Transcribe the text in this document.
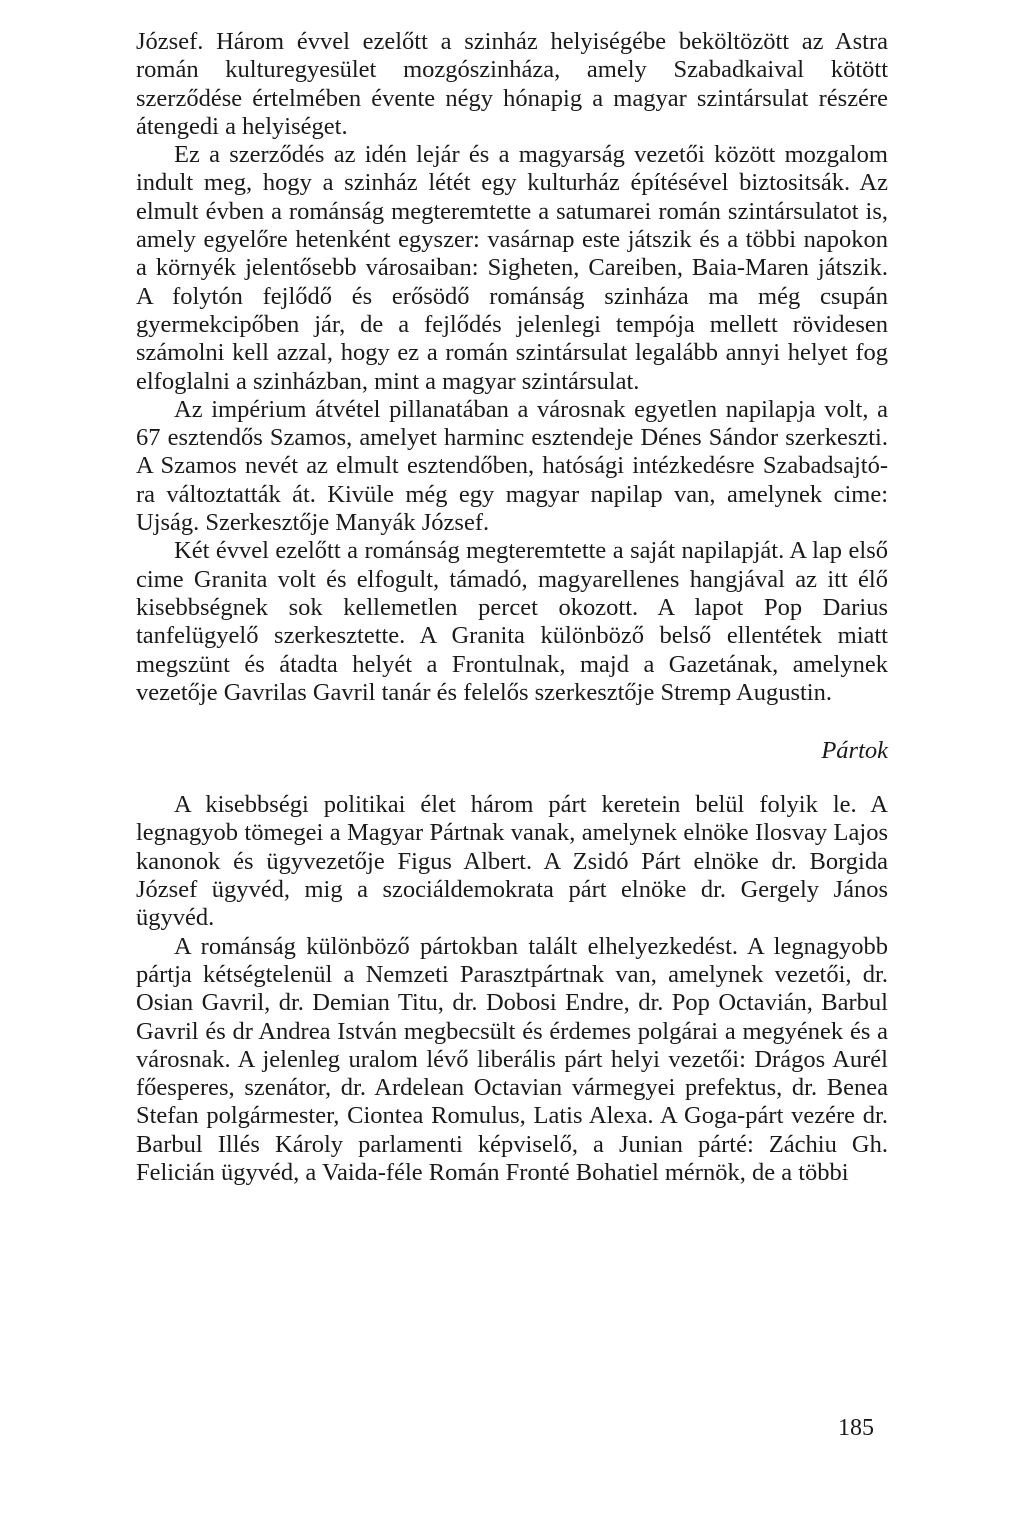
József. Három évvel ezelőtt a szinház helyiségébe beköltözött az Astra román kulturegyesület mozgószinháza, amely Szabadkaival kötött szerződése értelmében évente négy hónapig a magyar szintársulat részére átengedi a helyiséget.

Ez a szerződés az idén lejár és a magyarság vezetői között mozgalom indult meg, hogy a szinház létét egy kulturház építésével biztositsák. Az elmult évben a románság megteremtette a satumarei román szintársulatot is, amely egyelőre hetenként egyszer: vasárnap este játszik és a többi napokon a környék jelentősebb városaiban: Sigheten, Careiben, Baia-Maren játszik. A folytón fejlődő és erősödő románság szinháza ma még csupán gyermekcipőben jár, de a fejlődés jelenlegi tempója mellett rövidesen számolni kell azzal, hogy ez a román szintársulat legalább annyi helyet fog elfoglalni a szinházban, mint a magyar szintársulat.

Az impérium átvétel pillanatában a városnak egyetlen napilapja volt, a 67 esztendős Szamos, amelyet harminc esztendeje Dénes Sándor szerkeszti. A Szamos nevét az elmult esztendőben, hatósági intézkedésre Szabadsajtó-ra változtatták át. Kivüle még egy magyar napilap van, amelynek cime: Ujság. Szerkesztője Manyák József.

Két évvel ezelőtt a románság megteremtette a saját napilapját. A lap első cime Granita volt és elfogult, támadó, magyarellenes hangjával az itt élő kisebbségnek sok kellemetlen percet okozott. A lapot Pop Darius tanfelügyelő szerkesztette. A Granita különböző belső ellentétek miatt megszünt és átadta helyét a Frontulnak, majd a Gazetának, amelynek vezetője Gavrilas Gavril tanár és felelős szerkesztője Stremp Augustin.

Pártok

A kisebbségi politikai élet három párt keretein belül folyik le. A legnagyob tömegei a Magyar Pártnak vanak, amelynek elnöke Ilosvay Lajos kanonok és ügyvezetője Figus Albert. A Zsidó Párt elnöke dr. Borgida József ügyvéd, mig a szociáldemokrata párt elnöke dr. Gergely János ügyvéd.

A románság különböző pártokban talált elhelyezkedést. A legnagyobb pártja kétségtelenül a Nemzeti Parasztpártnak van, amelynek vezetői, dr. Osian Gavril, dr. Demian Titu, dr. Dobosi Endre, dr. Pop Octavián, Barbul Gavril és dr Andrea István megbecsült és érdemes polgárai a megyének és a városnak. A jelenleg uralom lévő liberális párt helyi vezetői: Drágos Aurél főesperes, szenátor, dr. Ardelean Octavian vármegyei prefektus, dr. Benea Stefan polgármester, Ciontea Romulus, Latis Alexa. A Goga-párt vezére dr. Barbul Illés Károly parlamenti képviselő, a Junian párté: Záchiu Gh. Felicián ügyvéd, a Vaida-féle Román Fronté Bohatiel mérnök, de a többi

185
